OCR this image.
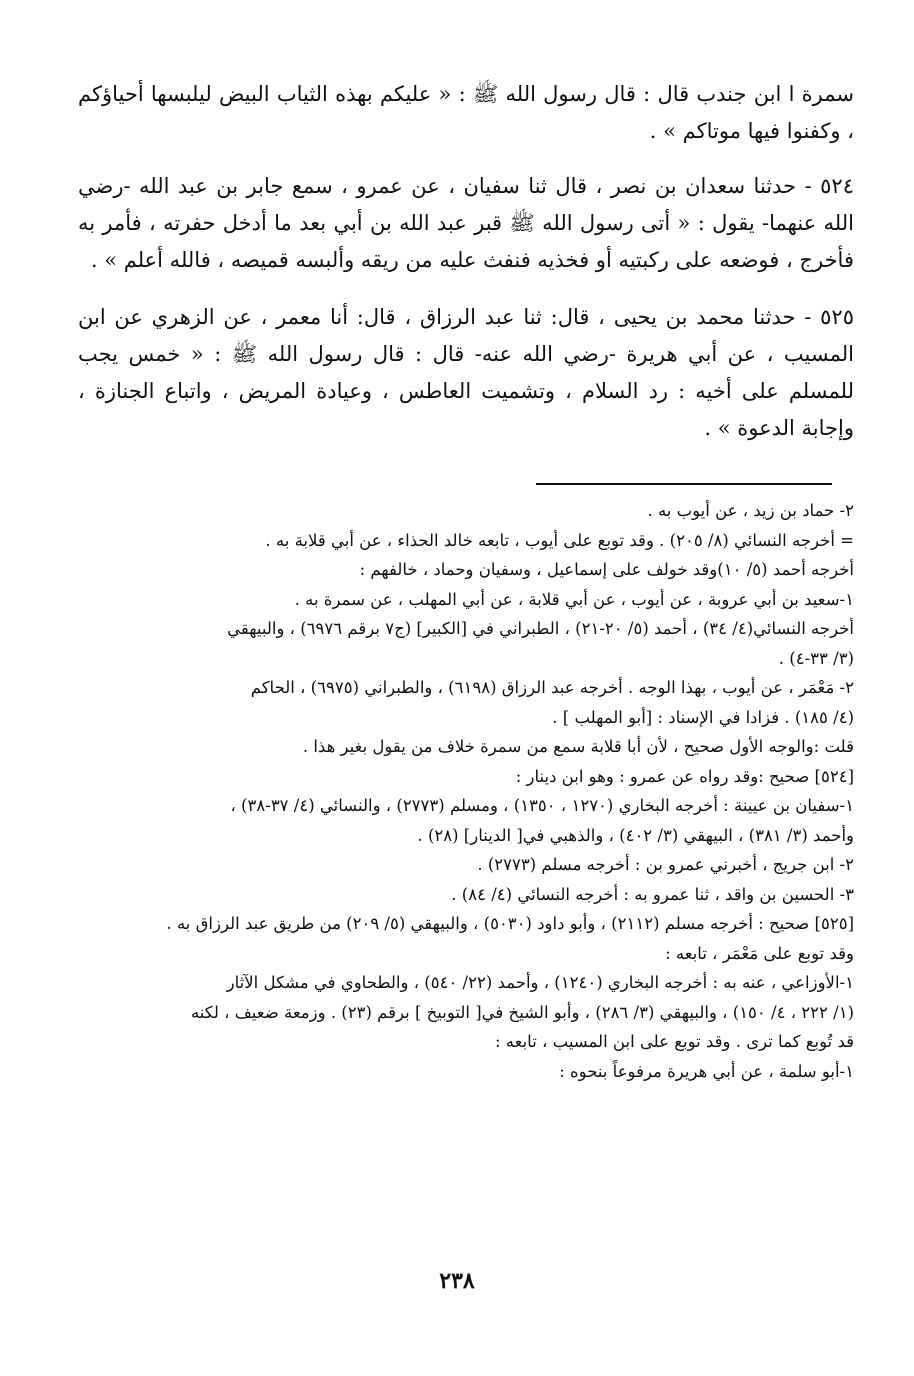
سمرة ا ابن جندب قال : قال رسول الله ﷺ : « عليكم بهذه الثياب البيض ليلبسها أحياؤكم ، وكفنوا فيها موتاكم » .

٥٢٤ - حدثنا سعدان بن نصر ، قال ثنا سفيان ، عن عمرو ، سمع جابر بن عبد الله -رضي الله عنهما- يقول : « أتى رسول الله ﷺ قبر عبد الله بن أبي بعد ما أدخل حفرته ، فأمر به فأخرج ، فوضعه على ركبتيه أو فخذيه فنفث عليه من ريقه وألبسه قميصه ، فالله أعلم » .

٥٢٥ - حدثنا محمد بن يحيى ، قال: ثنا عبد الرزاق ، قال: أنا معمر ، عن الزهري عن ابن المسيب ، عن أبي هريرة -رضي الله عنه- قال : قال رسول الله ﷺ : « خمس يجب للمسلم على أخيه : رد السلام ، وتشميت العاطس ، وعيادة المريض ، واتباع الجنازة ، وإجابة الدعوة » .

٢- حماد بن زيد ، عن أيوب به .
= أخرجه النسائي (٨/ ٢٠٥) . وقد توبع على أيوب ، تابعه خالد الحذاء ، عن أبي قلابة به .
أخرجه أحمد (٥/ ١٠)وقد خولف على إسماعيل ، وسفيان وحماد ، خالفهم :
١-سعيد بن أبي عروبة ، عن أيوب ، عن أبي قلابة ، عن أبي المهلب ، عن سمرة به .
أخرجه النسائي(٤/ ٣٤) ، أحمد (٥/ ٢٠-٢١) ، الطبراني في [الكبير] (ج٧ برقم ٦٩٧٦) ، والبيهقي
(٣/ ٣٣-٤) .
٢- مَعْمَر ، عن أيوب ، بهذا الوجه . أخرجه عبد الرزاق (٦١٩٨) ، والطبراني (٦٩٧٥) ، الحاكم
(٤/ ١٨٥) . فزادا في الإسناد : [أبو المهلب ] .
قلت :والوجه الأول صحيح ، لأن أبا قلابة سمع من سمرة خلاف من يقول بغير هذا .
[٥٢٤] صحيح :وقد رواه عن عمرو : وهو ابن دينار :
١-سفيان بن عيينة : أخرجه البخاري (١٢٧٠ ، ١٣٥٠) ، ومسلم (٢٧٧٣) ، والنسائي (٤/ ٣٧-٣٨) ،
وأحمد (٣/ ٣٨١) ، البيهقي (٣/ ٤٠٢) ، والذهبي في[ الدينار] (٢٨) .
٢- ابن جريج ، أخبرني عمرو بن : أخرجه مسلم (٢٧٧٣) .
٣- الحسين بن واقد ، ثنا عمرو به : أخرجه النسائي (٤/ ٨٤) .
[٥٢٥] صحيح : أخرجه مسلم (٢١١٢) ، وأبو داود (٥٠٣٠) ، والبيهقي (٥/ ٢٠٩) من طريق عبد الرزاق به .
وقد توبع على مَعْمَر ، تابعه :
١-الأوزاعي ، عنه به : أخرجه البخاري (١٢٤٠) ، وأحمد (٢٢/ ٥٤٠) ، والطحاوي في مشكل الآثار
(١/ ٢٢٢ ، ٤/ ١٥٠) ، والبيهقي (٣/ ٢٨٦) ، وأبو الشيخ في[ التوبيخ ] برقم (٢٣) . وزمعة ضعيف ، لكنه
قد تُوبع كما ترى . وقد توبع على ابن المسيب ، تابعه :
١-أبو سلمة ، عن أبي هريرة مرفوعاً بنحوه :
٢٣٨
